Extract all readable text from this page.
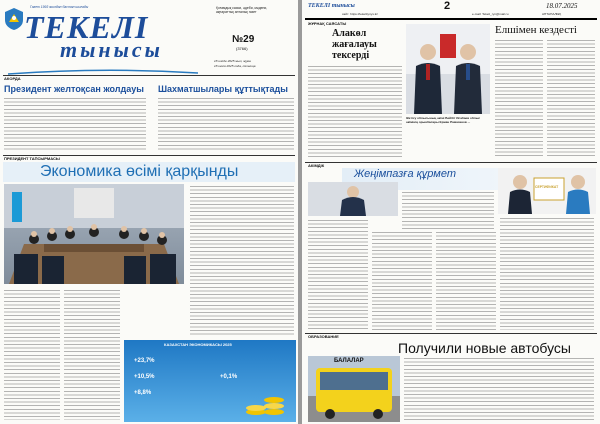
Газет 1993 жылдан бастап шығады
ТЕКЕЛІ
тынысы
Қоғамдық саяси, әдеби, мәдени, ақпараттық апталық газет
№29
(3766)
18 шілде 2025 жыл, жұма
18 июля 2025 года, пятница
АКОРДА
Президент желтоқсан жолдауы Шахматшылары құттықтады
ПРЕЗИДЕНТ ТАПСЫРМАСЫ
Экономика өсімі қарқынды
КАЗАХСТАН ЭКОНОМИКАСЫ 2025
+23,7%
+10,5%
+8,8%
+0,1%
ТЕКЕЛІ тынысы	2
сайт: https://tekelitynys.kz	e-mail: Tekeli_ryn@mail.ru	АПТАНАЛЫҚ
18.07.2025
ЖҰРНАҚ САЯСАТЫ
Алакөл жағалауы тексерді
Жетісу облысының әкімі Бейбіт Исабаев облыс әкімінің орынбасары Ержан Рамазанов ...
Елшімен кездесті
АКІМДІК
Жеңімпазға құрмет
СЕРТИФИКАТ
ОБРАЗОВАНИЕ
Получили новые автобусы
БАЛАЛАР
